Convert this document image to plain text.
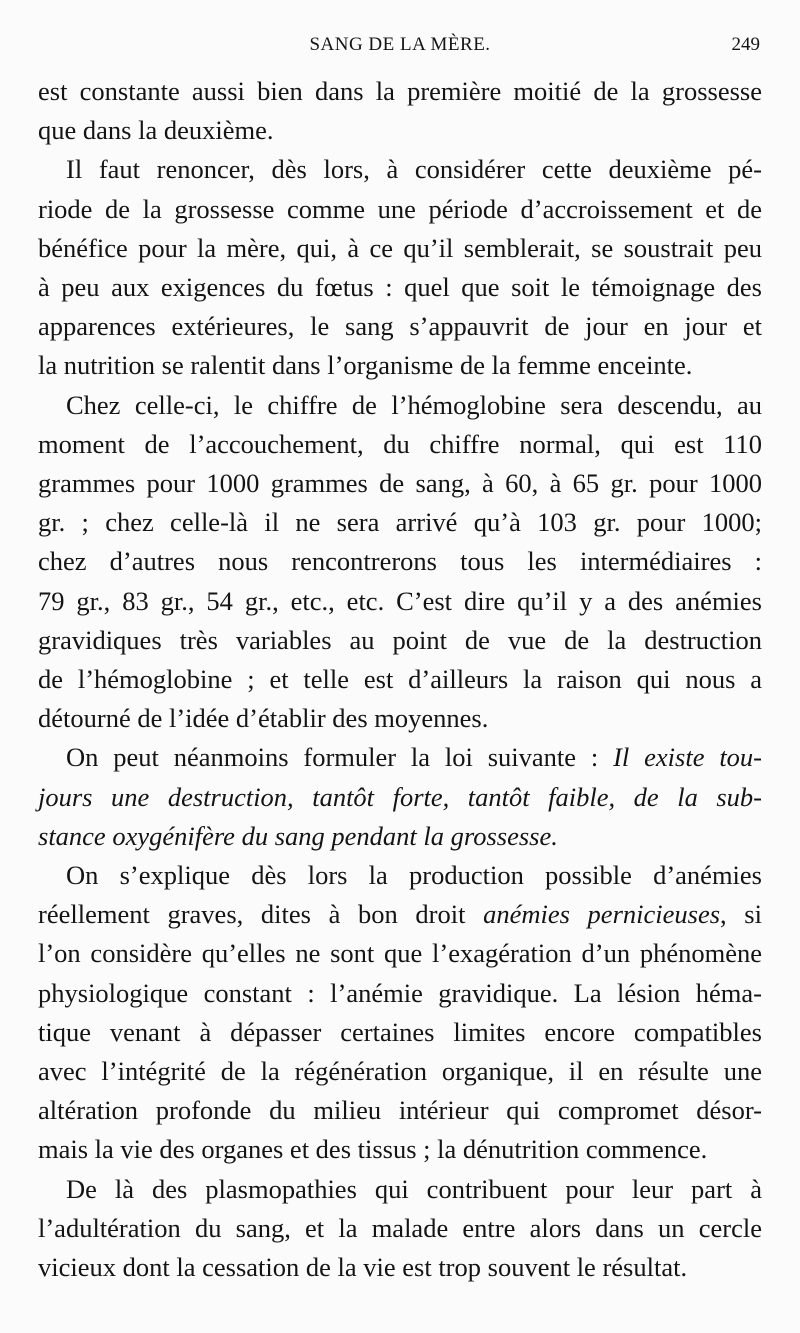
SANG DE LA MÈRE.	249
est constante aussi bien dans la première moitié de la grossesse
que dans la deuxième.
Il faut renoncer, dès lors, à considérer cette deuxième pé-
riode de la grossesse comme une période d’accroissement et de
bénéfice pour la mère, qui, à ce qu’il semblerait, se soustrait peu
à peu aux exigences du fœtus : quel que soit le témoignage des
apparences extérieures, le sang s’appauvrit de jour en jour et
la nutrition se ralentit dans l’organisme de la femme enceinte.
Chez celle-ci, le chiffre de l’hémoglobine sera descendu, au
moment de l’accouchement, du chiffre normal, qui est 110
grammes pour 1000 grammes de sang, à 60, à 65 gr. pour 1000
gr. ; chez celle-là il ne sera arrivé qu’à 103 gr. pour 1000;
chez d’autres nous rencontrerons tous les intermédiaires :
79 gr., 83 gr., 54 gr., etc., etc. C’est dire qu’il y a des anémies
gravidiques très variables au point de vue de la destruction
de l’hémoglobine ; et telle est d’ailleurs la raison qui nous a
détourné de l’idée d’établir des moyennes.
On peut néanmoins formuler la loi suivante : Il existe tou-
jours une destruction, tantôt forte, tantôt faible, de la sub-
stance oxygénifère du sang pendant la grossesse.
On s’explique dès lors la production possible d’anémies
réellement graves, dites à bon droit anémies pernicieuses, si
l’on considère qu’elles ne sont que l’exagération d’un phénomène
physiologique constant : l’anémie gravidique. La lésion héma-
tique venant à dépasser certaines limites encore compatibles
avec l’intégrité de la régénération organique, il en résulte une
altération profonde du milieu intérieur qui compromet désor-
mais la vie des organes et des tissus ; la dénutrition commence.
De là des plasmopathies qui contribuent pour leur part à
l’adultération du sang, et la malade entre alors dans un cercle
vicieux dont la cessation de la vie est trop souvent le résultat.
